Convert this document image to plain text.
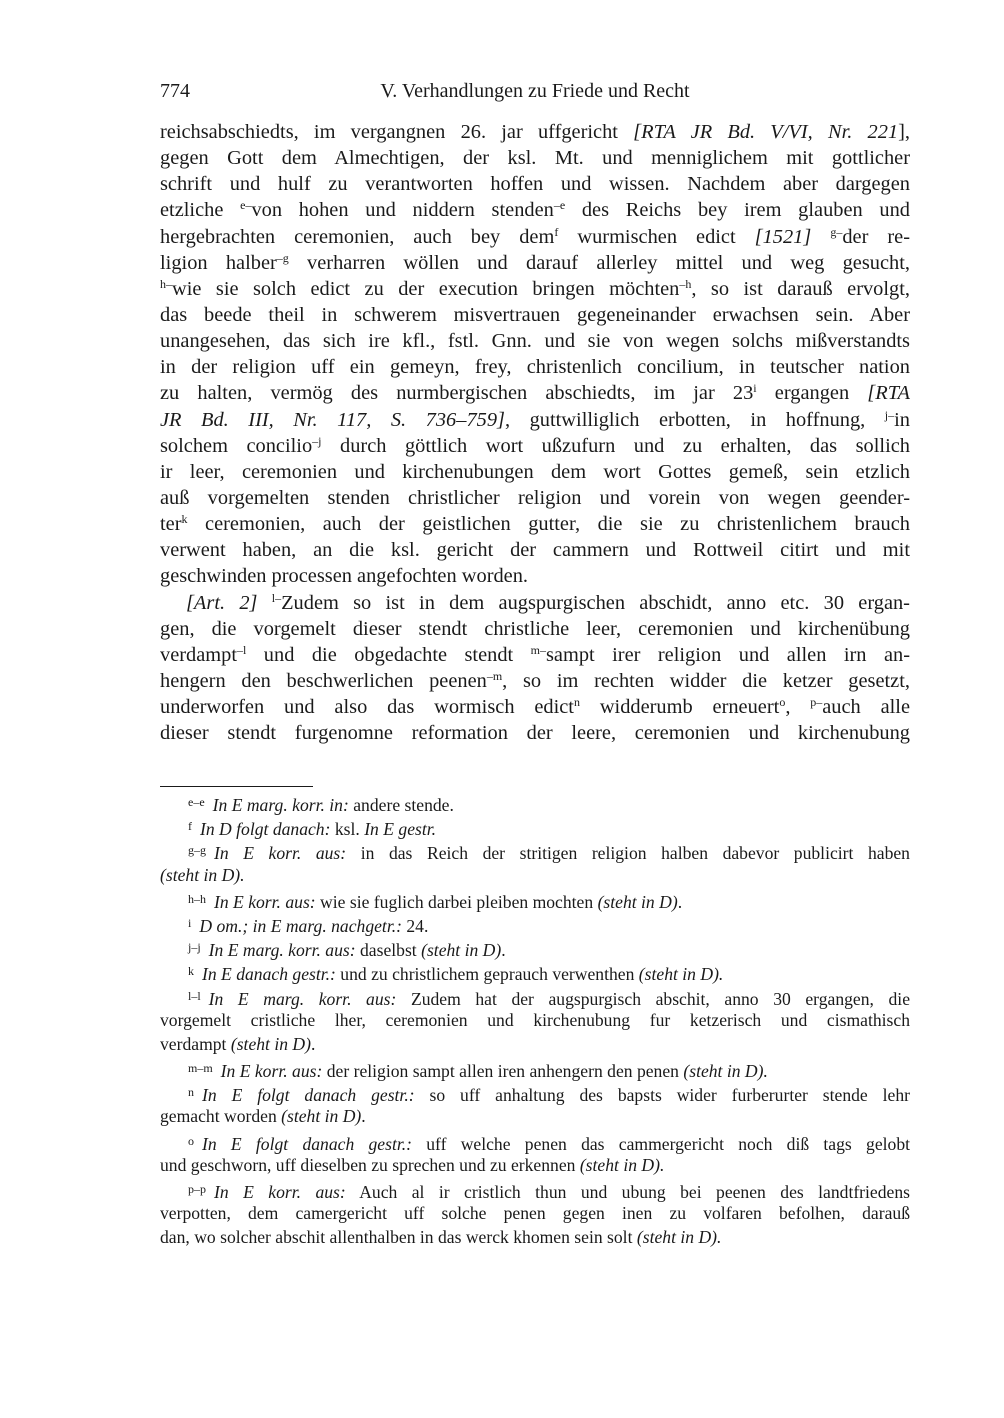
774	V. Verhandlungen zu Friede und Recht
reichsabschiedts, im vergangnen 26. jar uffgericht [RTA JR Bd. V/VI, Nr. 221],
gegen Gott dem Almechtigen, der ksl. Mt. und menniglichem mit gottlicher
schrift und hulf zu verantworten hoffen und wissen. Nachdem aber dargegen
etzliche $^{e-}$von hohen und niddern stenden$^{-e}$ des Reichs bey irem glauben und
hergebrachten ceremonien, auch bey dem$^f$ wurmischen edict [1521] $^{g-}$der re-
ligion halber$^{-g}$ verharren wöllen und darauf allerley mittel und weg gesucht,
$^{h-}$wie sie solch edict zu der execution bringen möchten$^{-h}$, so ist darauß ervolgt,
das beede theil in schwerem misvertrauen gegeneinander erwachsen sein. Aber
unangesehen, das sich ire kfl., fstl. Gnn. und sie von wegen solchs mißverstandts
in der religion uff ein gemeyn, frey, christenlich concilium, in teutscher nation
zu halten, vermög des nurmbergischen abschiedts, im jar 23$^i$ ergangen [RTA
JR Bd. III, Nr. 117, S. 736–759], guttwilliglich erbotten, in hoffnung, $^{j-}$in
solchem concilio$^{-j}$ durch göttlich wort ußzufurn und zu erhalten, das sollich
ir leer, ceremonien und kirchenubungen dem wort Gottes gemeß, sein etzlich
auß vorgemelten stenden christlicher religion und vorein von wegen geender-
ter$^k$ ceremonien, auch der geistlichen gutter, die sie zu christenlichem brauch
verwent haben, an die ksl. gericht der cammern und Rottweil citirt und mit
geschwinden processen angefochten worden.
[Art. 2] $^{l-}$Zudem so ist in dem augspurgischen abschidt, anno etc. 30 ergan-
gen, die vorgemelt dieser stendt christliche leer, ceremonien und kirchenübung
verdampt$^{-l}$ und die obgedachte stendt $^{m-}$sampt irer religion und allen irn an-
hengern den beschwerlichen peenen$^{-m}$, so im rechten widder die ketzer gesetzt,
underworfen und also das wormisch edict$^n$ widderumb erneuert$^o$, $^{p-}$auch alle
dieser stendt furgenomne reformation der leere, ceremonien und kirchenubung
$^{e-e}$ In E marg. korr. in: andere stende.
$^f$ In D folgt danach: ksl. In E gestr.
$^{g-g}$ In E korr. aus: in das Reich der stritigen religion halben dabevor publicirt haben
(steht in D).
$^{h-h}$ In E korr. aus: wie sie fuglich darbei pleiben mochten (steht in D).
$^i$ D om.; in E marg. nachgetr.: 24.
$^{j-j}$ In E marg. korr. aus: daselbst (steht in D).
$^k$ In E danach gestr.: und zu christlichem geprauch verwenthen (steht in D).
$^{l-l}$ In E marg. korr. aus: Zudem hat der augspurgisch abschit, anno 30 ergangen, die
vorgemelt cristliche lher, ceremonien und kirchenubung fur ketzerisch und cismathisch
verdampt (steht in D).
$^{m-m}$ In E korr. aus: der religion sampt allen iren anhengern den penen (steht in D).
$^n$ In E folgt danach gestr.: so uff anhaltung des bapsts wider furberurter stende lehr
gemacht worden (steht in D).
$^o$ In E folgt danach gestr.: uff welche penen das cammergericht noch diß tags gelobt
und geschworn, uff dieselben zu sprechen und zu erkennen (steht in D).
$^{p-p}$ In E korr. aus: Auch al ir cristlich thun und ubung bei peenen des landtfriedens
verpotten, dem camergericht uff solche penen gegen inen zu volfaren befolhen, darauß
dan, wo solcher abschit allenthalben in das werck khomen sein solt (steht in D).
